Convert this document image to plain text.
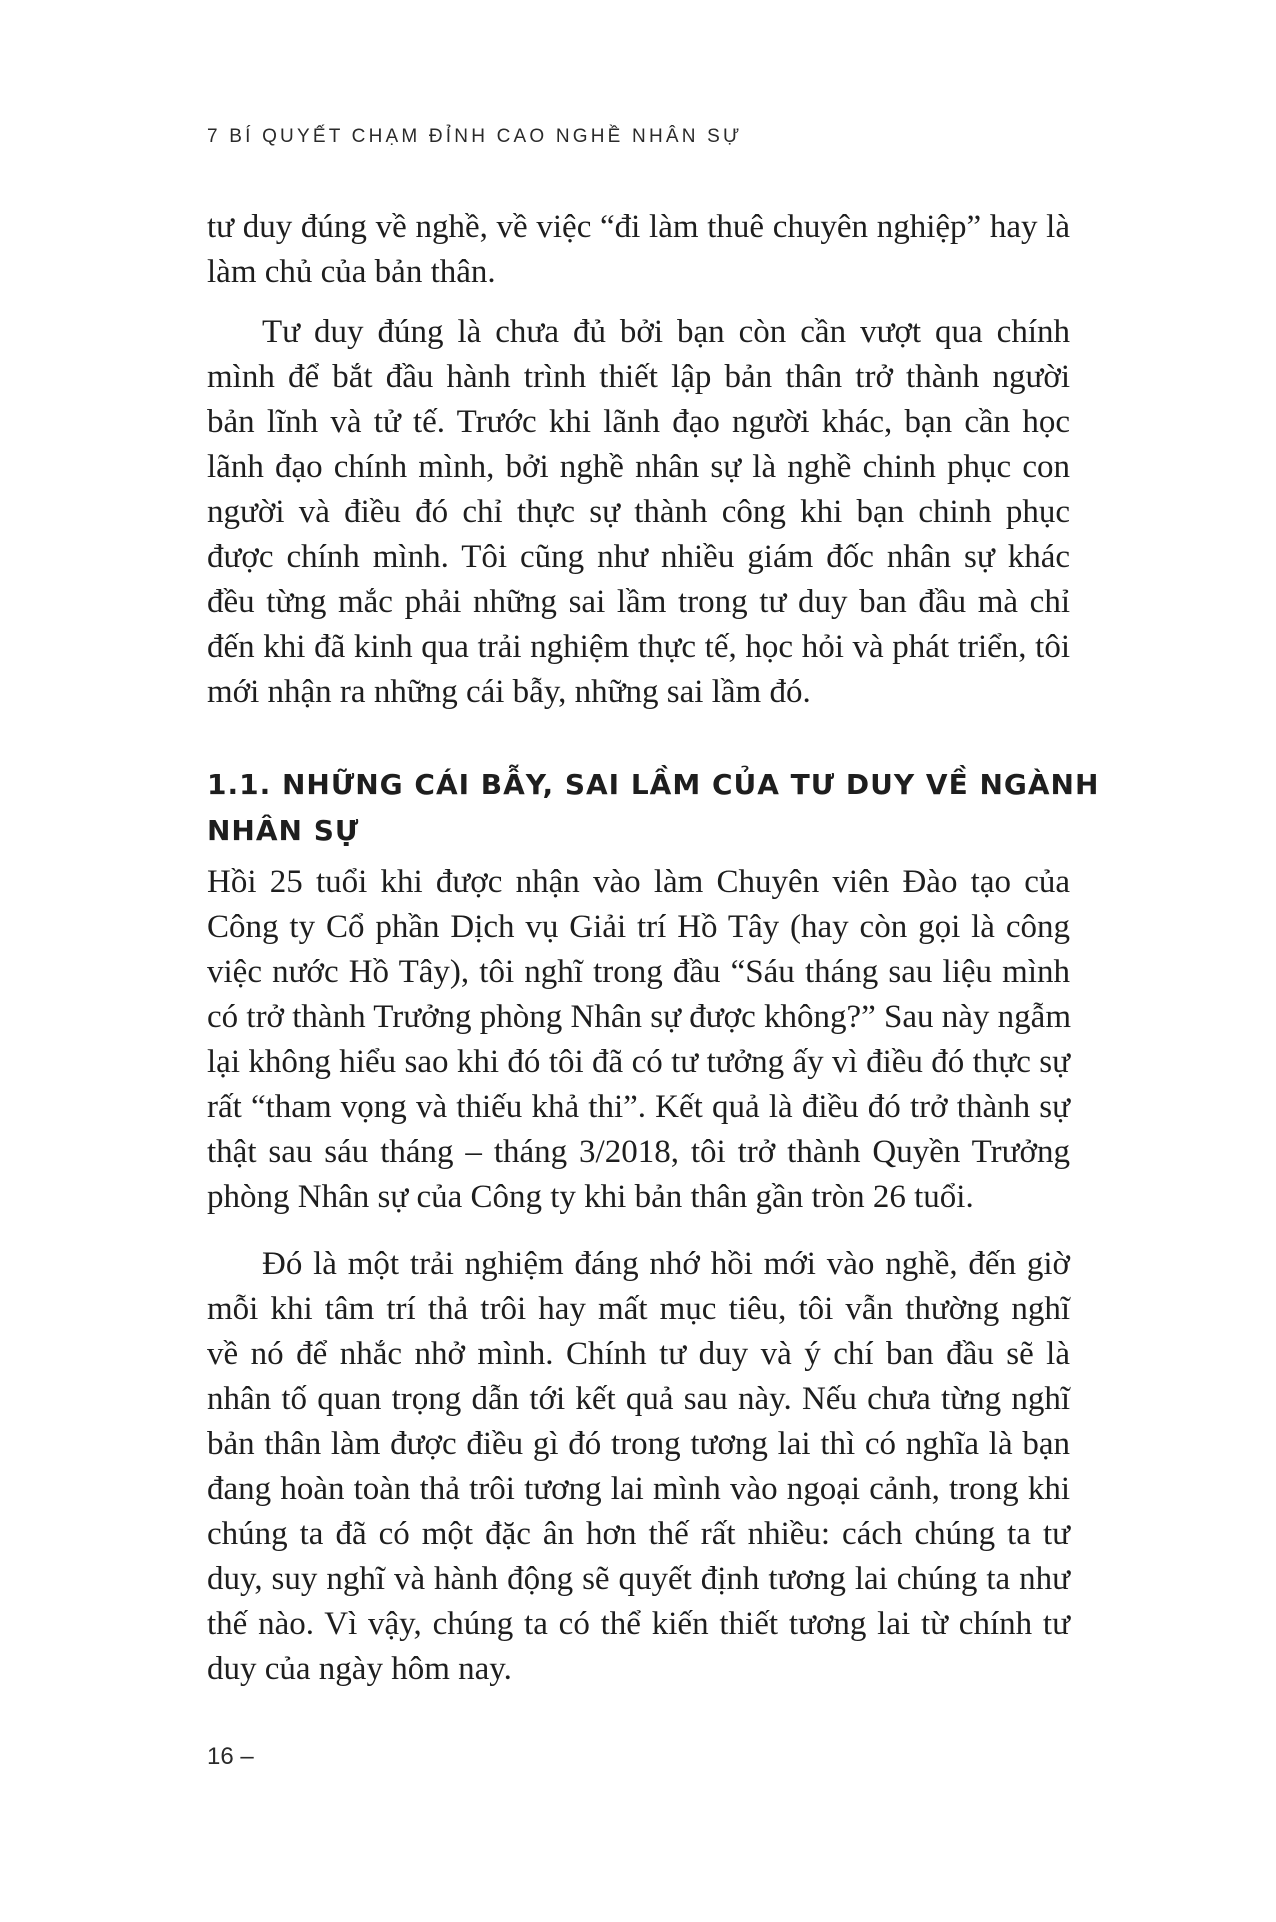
7 BÍ QUYẾT CHẠM ĐỈNH CAO NGHỀ NHÂN SỰ

tư duy đúng về nghề, về việc “đi làm thuê chuyên nghiệp” hay là
làm chủ của bản thân.

Tư duy đúng là chưa đủ bởi bạn còn cần vượt qua chính
mình để bắt đầu hành trình thiết lập bản thân trở thành người
bản lĩnh và tử tế. Trước khi lãnh đạo người khác, bạn cần học
lãnh đạo chính mình, bởi nghề nhân sự là nghề chinh phục con
người và điều đó chỉ thực sự thành công khi bạn chinh phục
được chính mình. Tôi cũng như nhiều giám đốc nhân sự khác
đều từng mắc phải những sai lầm trong tư duy ban đầu mà chỉ
đến khi đã kinh qua trải nghiệm thực tế, học hỏi và phát triển, tôi
mới nhận ra những cái bẫy, những sai lầm đó.

1.1. NHỮNG CÁI BẪY, SAI LẦM CỦA TƯ DUY VỀ NGÀNH
NHÂN SỰ

Hồi 25 tuổi khi được nhận vào làm Chuyên viên Đào tạo của
Công ty Cổ phần Dịch vụ Giải trí Hồ Tây (hay còn gọi là công
việc nước Hồ Tây), tôi nghĩ trong đầu “Sáu tháng sau liệu mình
có trở thành Trưởng phòng Nhân sự được không?” Sau này ngẫm
lại không hiểu sao khi đó tôi đã có tư tưởng ấy vì điều đó thực sự
rất “tham vọng và thiếu khả thi”. Kết quả là điều đó trở thành sự
thật sau sáu tháng – tháng 3/2018, tôi trở thành Quyền Trưởng
phòng Nhân sự của Công ty khi bản thân gần tròn 26 tuổi.

Đó là một trải nghiệm đáng nhớ hồi mới vào nghề, đến giờ
mỗi khi tâm trí thả trôi hay mất mục tiêu, tôi vẫn thường nghĩ
về nó để nhắc nhở mình. Chính tư duy và ý chí ban đầu sẽ là
nhân tố quan trọng dẫn tới kết quả sau này. Nếu chưa từng nghĩ
bản thân làm được điều gì đó trong tương lai thì có nghĩa là bạn
đang hoàn toàn thả trôi tương lai mình vào ngoại cảnh, trong khi
chúng ta đã có một đặc ân hơn thế rất nhiều: cách chúng ta tư
duy, suy nghĩ và hành động sẽ quyết định tương lai chúng ta như
thế nào. Vì vậy, chúng ta có thể kiến thiết tương lai từ chính tư
duy của ngày hôm nay.

16 –
